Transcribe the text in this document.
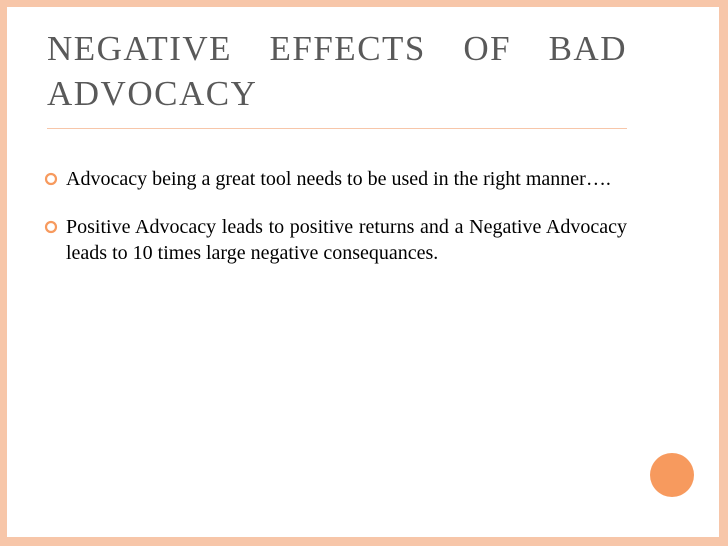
NEGATIVE EFFECTS OF BAD ADVOCACY
Advocacy being a great tool needs to be used in the right manner….
Positive Advocacy leads to positive returns and a Negative Advocacy leads to 10 times large negative consequances.
